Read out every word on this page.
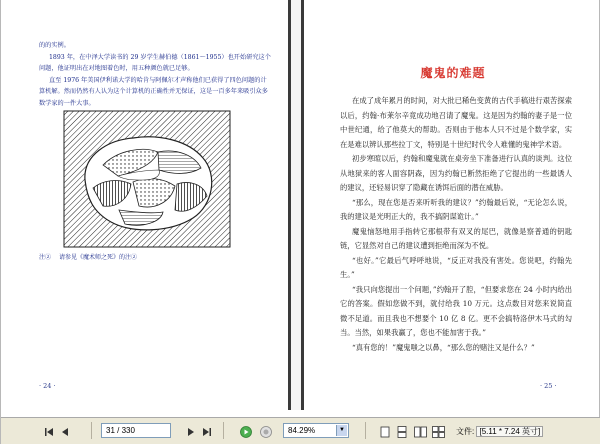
的的实例。

1893 年，在中泽大学读书的 29 岁学生赫伯德（1861～1955）也开始研究这个问题，他证明出在对地图着色时，用五种颜色就已足够。

直至 1976 年美国伊利诺大学的哈肯与阿佩尔才声称他们已获得了四色问题的计算机解。然而仍然有人认为这个计算机的正确性并无保证，这是一百多年来吸引众多数学家的一件大事。

注② 请参见《魔术师之死》的注②
· 24 ·
魔鬼的难题

在成了成年累月的时间，对大批已稀色变黄的古代手稿进行艰苦探索以后，约翰·布莱尔辛竟成功地召请了魔鬼。这是因为约翰的妻子是一位中世纪通，给了他莫大的帮助。否则由于他本人只不过是个数学家，实在是难以辨认那些拉丁文，特别是十世纪时代令人难懂的鬼神学术语。

初步寒暄以后，约翰和魔鬼就在桌旁坐下准备进行认真的谈判。这位从地狱来的客人面容阴森，因为约翰已断然拒绝了它提出的一些最诱人的建议，还轻易识穿了隐藏在诱饵后面的潜在威胁。

“那么，现在您是否来听听我的建议？”约翰最后说，“无论怎么说，我的建议是光明正大的，我不搞阴谋诡计。”

魔鬼恼怒地用手指转它那根带有双叉的尾巴，就像是察普通的钥匙链，它显然对自己的建议遭到拒绝而深为不悦。

“也好。”它最后气呼呼地说，“反正对我没有害处。您说吧，约翰先生。”

“我只向您提出一个问题，”约翰开了腔，“但要求您在 24 小时内给出它的答案。假如您做不到，就付给我 10 万元。这点数目对您来说简直微不足道。而且我也不想要个 10 亿 8 亿。更不会搞特洛伊木马式的勾当。当然，如果我赢了，您也不能加害于我。”

“真有您的！”魔鬼嗤之以鼻，“那么您的赌注又是什么？”

· 25 ·
31 / 330	84.29%	▼	文件: [5.11 * 7.24 英寸]
